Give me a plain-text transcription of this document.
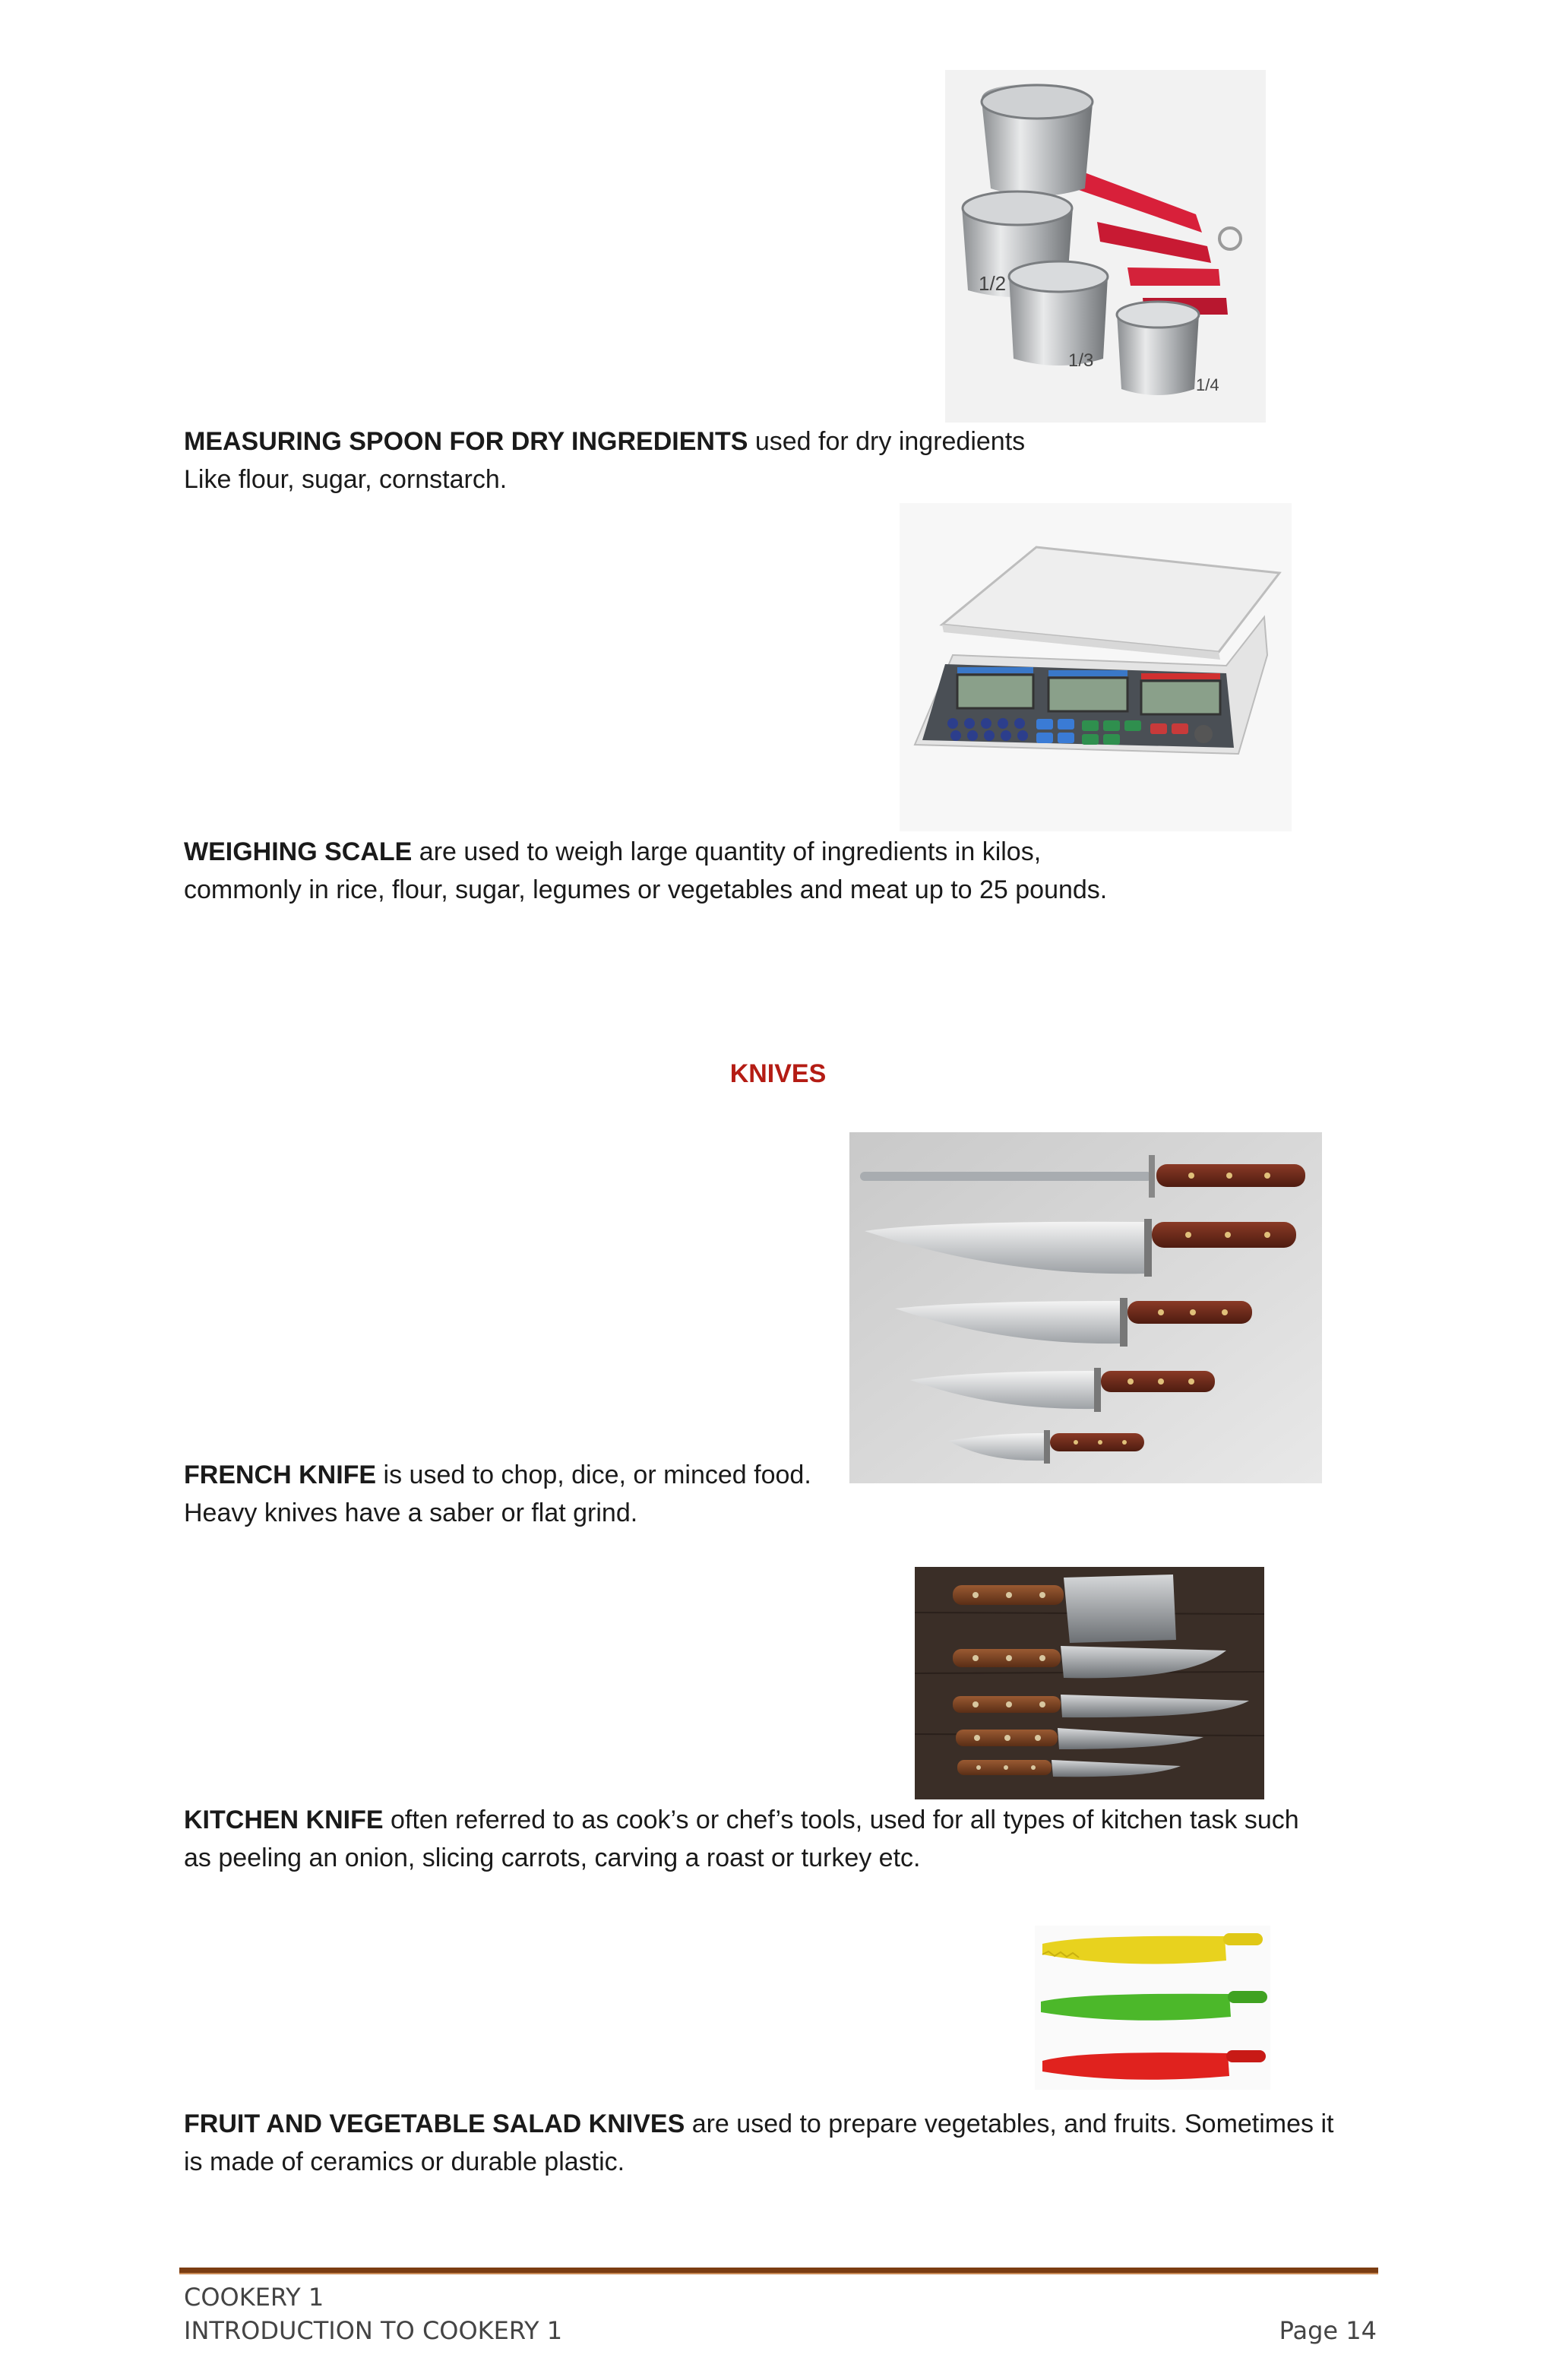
1/2
1/3
1/4
MEASURING SPOON FOR DRY INGREDIENTS used for dry ingredients
Like flour, sugar, cornstarch.
WEIGHING SCALE are used to weigh large quantity of ingredients in kilos,
commonly in rice, flour, sugar, legumes or vegetables and meat up to 25 pounds.
KNIVES
FRENCH KNIFE is used to chop, dice, or minced food.
Heavy knives have a saber or flat grind.
KITCHEN KNIFE often referred to as cook’s or chef’s tools, used for all types of kitchen task such
as peeling an onion, slicing carrots, carving a roast or turkey etc.
FRUIT AND VEGETABLE SALAD KNIVES are used to prepare vegetables, and fruits. Sometimes it
is made of ceramics or durable plastic.
COOKERY 1
INTRODUCTION TO COOKERY 1	Page 14
